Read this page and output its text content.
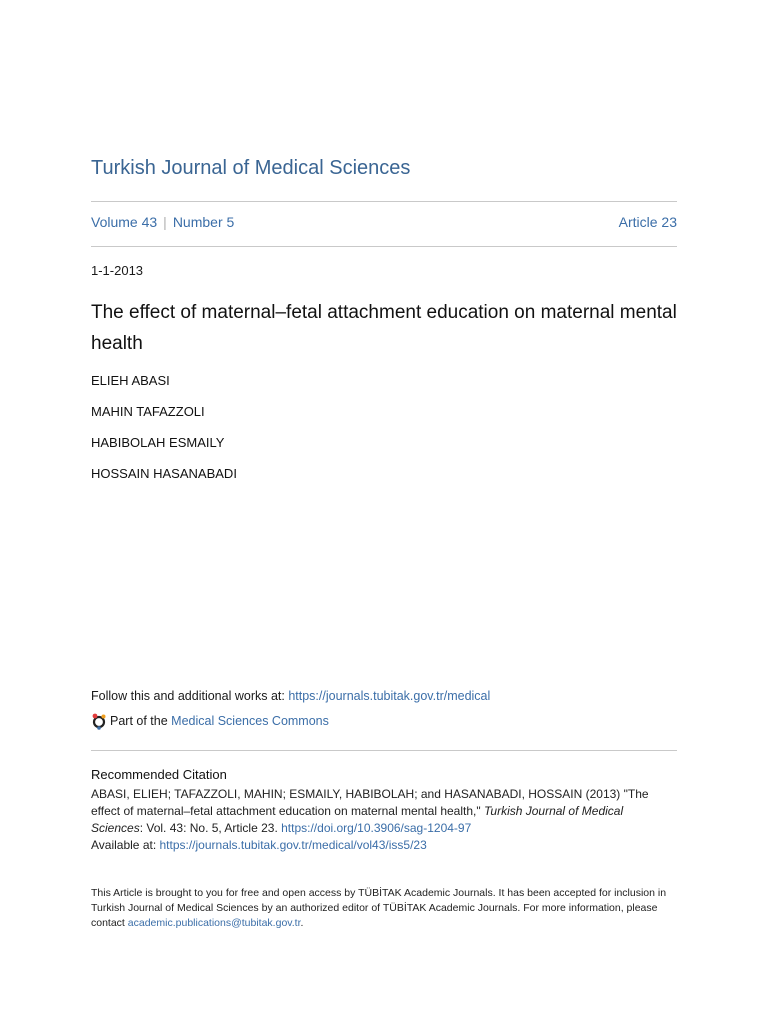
Turkish Journal of Medical Sciences
Volume 43 | Number 5	Article 23
1-1-2013
The effect of maternal–fetal attachment education on maternal mental health
ELIEH ABASI
MAHIN TAFAZZOLI
HABIBOLAH ESMAILY
HOSSAIN HASANABADI
Follow this and additional works at: https://journals.tubitak.gov.tr/medical
Part of the
Medical Sciences Commons
Recommended Citation
ABASI, ELIEH; TAFAZZOLI, MAHIN; ESMAILY, HABIBOLAH; and HASANABADI, HOSSAIN (2013) "The effect of maternal–fetal attachment education on maternal mental health," Turkish Journal of Medical Sciences: Vol. 43: No. 5, Article 23. https://doi.org/10.3906/sag-1204-97
Available at: https://journals.tubitak.gov.tr/medical/vol43/iss5/23
This Article is brought to you for free and open access by TÜBİTAK Academic Journals. It has been accepted for inclusion in Turkish Journal of Medical Sciences by an authorized editor of TÜBİTAK Academic Journals. For more information, please contact academic.publications@tubitak.gov.tr.
